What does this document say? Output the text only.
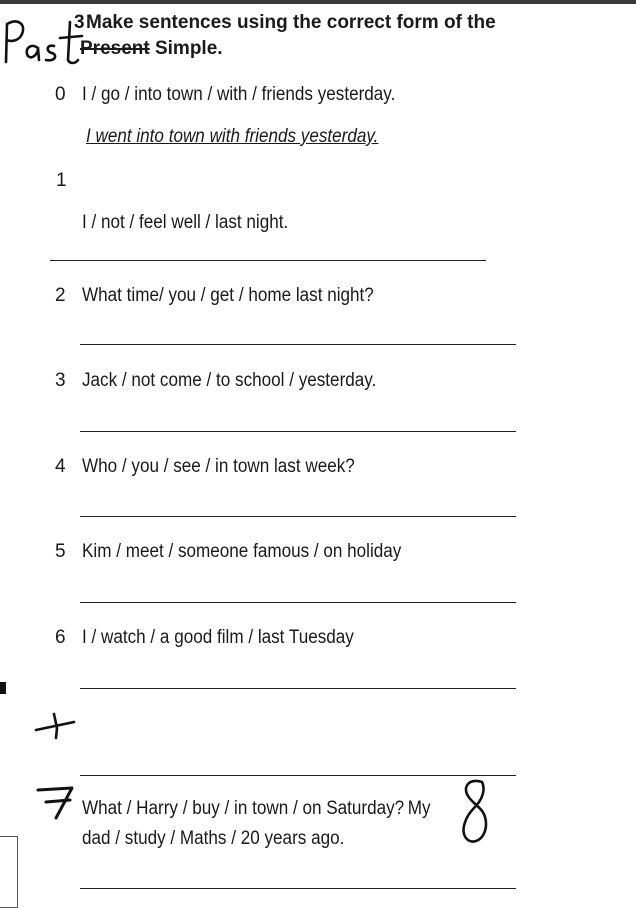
3 Make sentences using the correct form of the
Present Simple.
0 I / go / into town / with / friends yesterday.
I went into town with friends yesterday.
1
I / not / feel well / last night.
2 What time/ you / get / home last night?
3 Jack / not come / to school / yesterday.
4 Who / you / see / in town last week?
5 Kim / meet / someone famous / on holiday
6 I / watch / a good film / last Tuesday
What / Harry / buy / in town / on Saturday? My
dad / study / Maths / 20 years ago.
